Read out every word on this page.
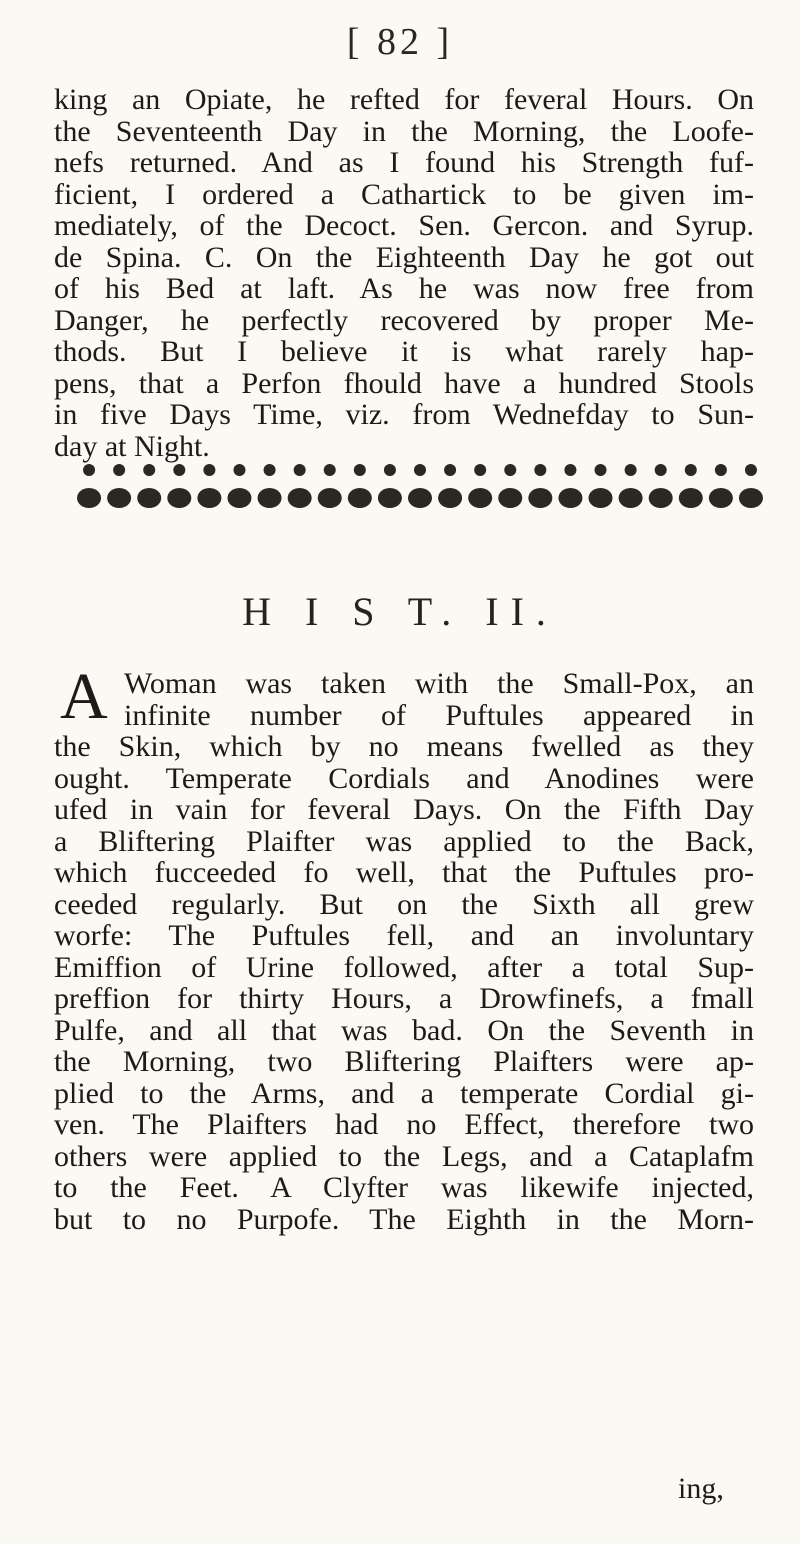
[ 82 ]
king an Opiate, he refted for feveral Hours. On
the Seventeenth Day in the Morning, the Loofe-
nefs returned. And as I found his Strength fuf-
ficient, I ordered a Cathartick to be given im-
mediately, of the Decoct. Sen. Gercon. and Syrup.
de Spina. C. On the Eighteenth Day he got out
of his Bed at laft. As he was now free from
Danger, he perfectly recovered by proper Me-
thods. But I believe it is what rarely hap-
pens, that a Perfon fhould have a hundred Stools
in five Days Time, viz. from Wednefday to Sun-
day at Night.
H I S T. II.
A Woman was taken with the Small-Pox, an
infinite number of Puftules appeared in
the Skin, which by no means fwelled as they
ought. Temperate Cordials and Anodines were
ufed in vain for feveral Days. On the Fifth Day
a Bliftering Plaifter was applied to the Back,
which fucceeded fo well, that the Puftules pro-
ceeded regularly. But on the Sixth all grew
worfe: The Puftules fell, and an involuntary
Emiffion of Urine followed, after a total Sup-
preffion for thirty Hours, a Drowfinefs, a fmall
Pulfe, and all that was bad. On the Seventh in
the Morning, two Bliftering Plaifters were ap-
plied to the Arms, and a temperate Cordial gi-
ven. The Plaifters had no Effect, therefore two
others were applied to the Legs, and a Cataplafm
to the Feet. A Clyfter was likewife injected,
but to no Purpofe. The Eighth in the Morn-
ing,
